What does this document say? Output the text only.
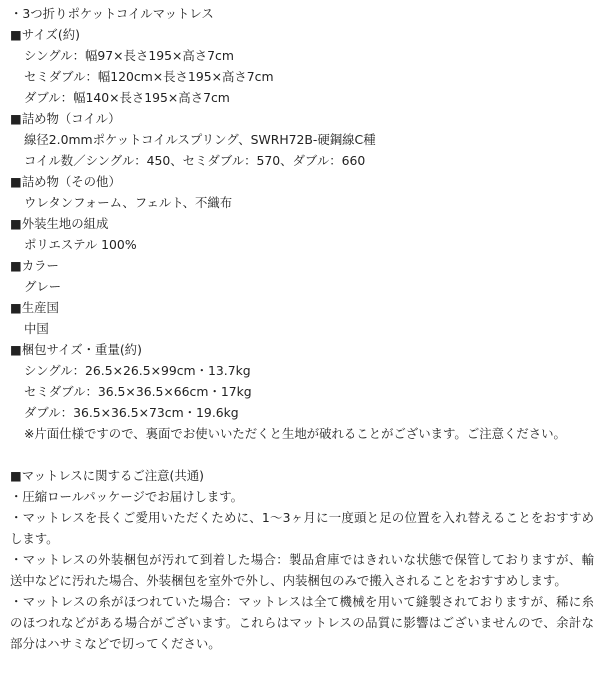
・3つ折りポケットコイルマットレス
■サイズ(約)
シングル：幅97×長さ195×高さ7cm
セミダブル：幅120cm×長さ195×高さ7cm
ダブル：幅140×長さ195×高さ7cm
■詰め物（コイル）
線径2.0mmポケットコイルスプリング、SWRH72B-硬鋼線C種
コイル数／シングル：450、セミダブル：570、ダブル：660
■詰め物（その他）
ウレタンフォーム、フェルト、不織布
■外装生地の組成
ポリエステル 100%
■カラー
グレー
■生産国
中国
■梱包サイズ・重量(約)
シングル：26.5×26.5×99cm・13.7kg
セミダブル：36.5×36.5×66cm・17kg
ダブル：36.5×36.5×73cm・19.6kg
※片面仕様ですので、裏面でお使いいただくと生地が破れることがございます。ご注意ください。
■マットレスに関するご注意(共通)
・圧縮ロールパッケージでお届けします。
・マットレスを長くご愛用いただくために、1〜3ヶ月に一度頭と足の位置を入れ替えることをおすすめ
します。
・マットレスの外装梱包が汚れて到着した場合：製品倉庫ではきれいな状態で保管しておりますが、輸
送中などに汚れた場合、外装梱包を室外で外し、内装梱包のみで搬入されることをおすすめします。
・マットレスの糸がほつれていた場合：マットレスは全て機械を用いて縫製されておりますが、稀に糸
のほつれなどがある場合がございます。これらはマットレスの品質に影響はございませんので、余計な
部分はハサミなどで切ってください。
